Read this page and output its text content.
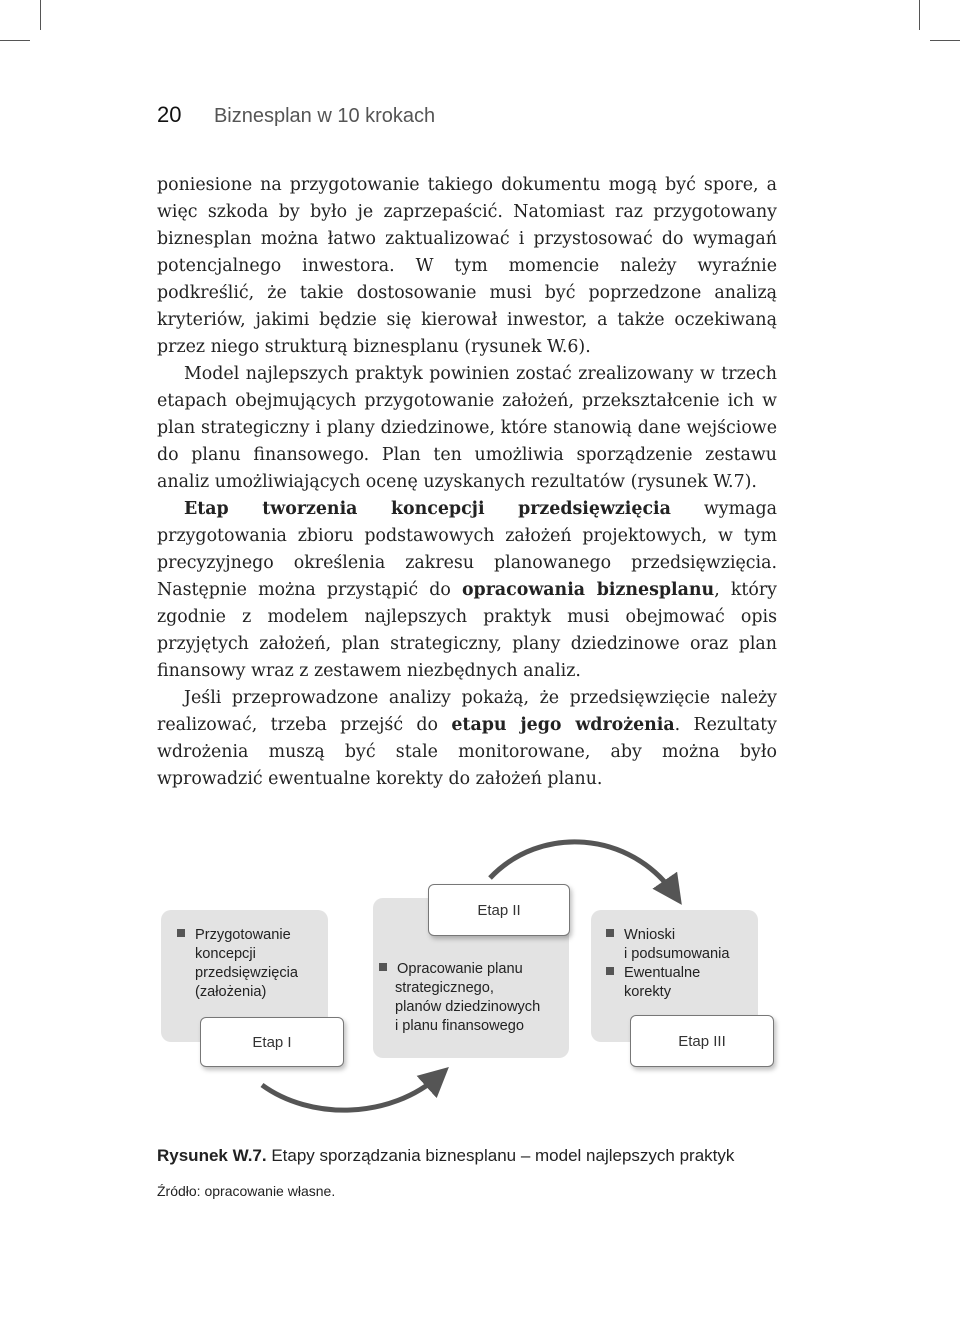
20 Biznesplan w 10 krokach

poniesione na przygotowanie takiego dokumentu mogą być spore, a więc szkoda by było je zaprzepaścić. Natomiast raz przygotowany biznesplan można łatwo zaktualizować i przystosować do wymagań potencjalnego inwestora. W tym momencie należy wyraźnie podkreślić, że takie dostosowanie musi być poprzedzone analizą kryteriów, jakimi będzie się kierował inwestor, a także oczekiwaną przez niego strukturą biznesplanu (rysunek W.6).

Model najlepszych praktyk powinien zostać zrealizowany w trzech etapach obejmujących przygotowanie założeń, przekształcenie ich w plan strategiczny i plany dziedzinowe, które stanowią dane wejściowe do planu finansowego. Plan ten umożliwia sporządzenie zestawu analiz umożliwiających ocenę uzyskanych rezultatów (rysunek W.7).

Etap tworzenia koncepcji przedsięwzięcia wymaga przygotowania zbioru podstawowych założeń projektowych, w tym precyzyjnego określenia zakresu planowanego przedsięwzięcia. Następnie można przystąpić do opracowania biznesplanu, który zgodnie z modelem najlepszych praktyk musi obejmować opis przyjętych założeń, plan strategiczny, plany dziedzinowe oraz plan finansowy wraz z zestawem niezbędnych analiz.

Jeśli przeprowadzone analizy pokażą, że przedsięwzięcie należy realizować, trzeba przejść do etapu jego wdrożenia. Rezultaty wdrożenia muszą być stale monitorowane, aby można było wprowadzić ewentualne korekty do założeń planu.

Przygotowanie
koncepcji
przedsięwzięcia
(założenia)
Opracowanie planu
strategicznego,
planów dziedzinowych
i planu finansowego
Wnioski
i podsumowania
Ewentualne
korekty
Etap I
Etap II
Etap III
Rysunek W.7. Etapy sporządzania biznesplanu – model najlepszych praktyk
Źródło: opracowanie własne.
